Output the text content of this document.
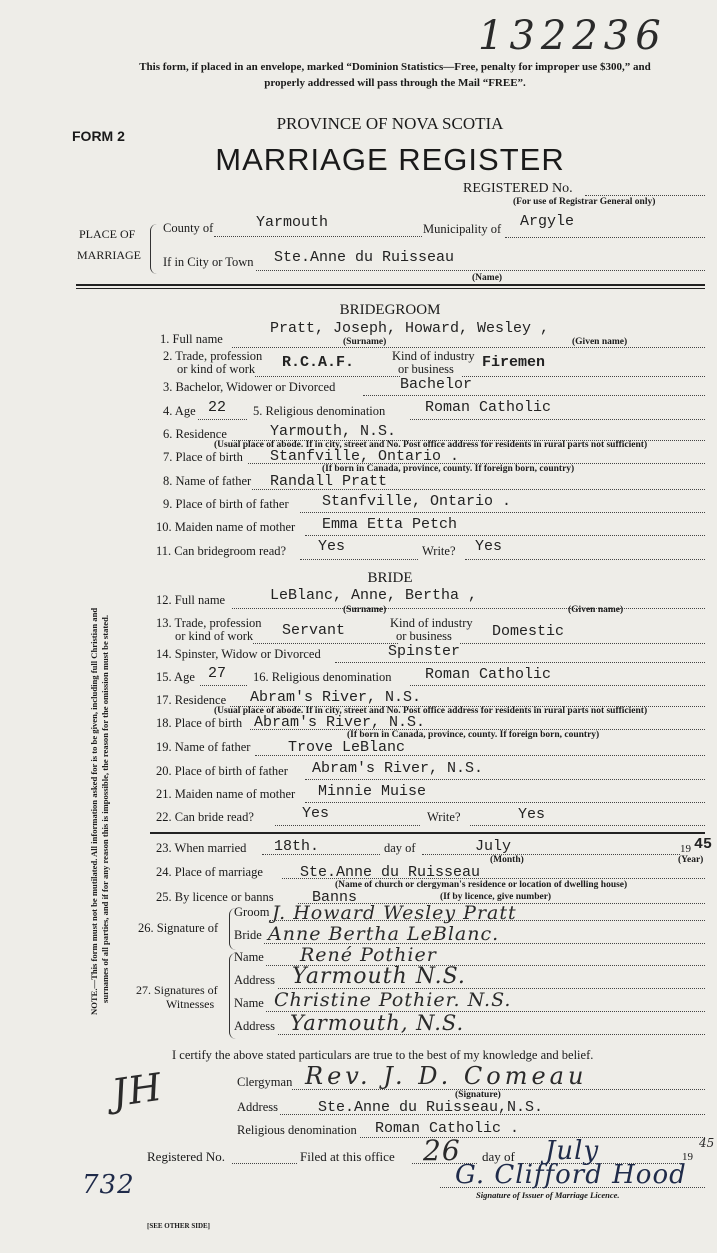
132236
This form, if placed in an envelope, marked “Dominion Statistics—Free, penalty for improper use $300,” and
properly addressed will pass through the Mail “FREE”.
FORM 2
PROVINCE OF NOVA SCOTIA
MARRIAGE REGISTER
REGISTERED No.
(For use of Registrar General only)
PLACE OF
MARRIAGE
County of	Yarmouth	Municipality of Argyle
If in City or Town Ste.Anne du Ruisseau
(Name)
NOTE.—This form must not be mutilated. All information asked for is to be given, including full Christian and surnames of all parties, and if for any reason this is impossible, the reason for the omission must be stated.
BRIDEGROOM
1. Full name
Pratt, Joseph, Howard, Wesley ,
(Surname)	(Given name)
2. Trade, profession
or kind of work R.C.A.F.	Kind of industry
or business Firemen
3. Bachelor, Widower or Divorced	Bachelor
4. Age 22 5. Religious denomination	Roman Catholic
6. Residence	Yarmouth, N.S.
(Usual place of abode. If in city, street and No. Post office address for residents in rural parts not sufficient)
7. Place of birth Stanfville, Ontario .
(If born in Canada, province, county. If foreign born, country)
8. Name of father Randall Pratt
9. Place of birth of father Stanfville, Ontario .
10. Maiden name of mother Emma Etta Petch
11. Can bridegroom read? Yes	Write? Yes
BRIDE
12. Full name	LeBlanc, Anne, Bertha ,
(Surname)	(Given name)
13. Trade, profession
or kind of work Servant	Kind of industry
or business	Domestic
14. Spinster, Widow or Divorced	Spinster
15. Age 27 16. Religious denomination Roman Catholic
17. Residence Abram's River, N.S.
(Usual place of abode. If in city, street and No. Post office address for residents in rural parts not sufficient)
18. Place of birth Abram's River, N.S.
(If born in Canada, province, county. If foreign born, country)
19. Name of father	Trove LeBlanc
20. Place of birth of father Abram's River, N.S.
21. Maiden name of mother Minnie Muise
22. Can bride read?	Yes	Write?	Yes
23. When married 18th.	day of	July	19 45
(Month)	(Year)
24. Place of marriage Ste.Anne du Ruisseau
(Name of church or clergyman's residence or location of dwelling house)
25. By licence or banns	Banns	(If by licence, give number)
26. Signature of
Groom J. Howard Wesley Pratt
Bride Anne Bertha LeBlanc.
27. Signatures of
Witnesses
Name René Pothier
Address Yarmouth N.S.
Name Christine Pothier. N.S.
Address Yarmouth, N.S.
I certify the above stated particulars are true to the best of my knowledge and belief.
JH	Clergyman Rev. J. D. Comeau
(Signature)
Address	Ste.Anne du Ruisseau,N.S.
Religious denomination Roman Catholic .
Registered No.	Filed at this office 26 day of July	19
45
G. Clifford Hood
Signature of Issuer of Marriage Licence.
732
[SEE OTHER SIDE]
